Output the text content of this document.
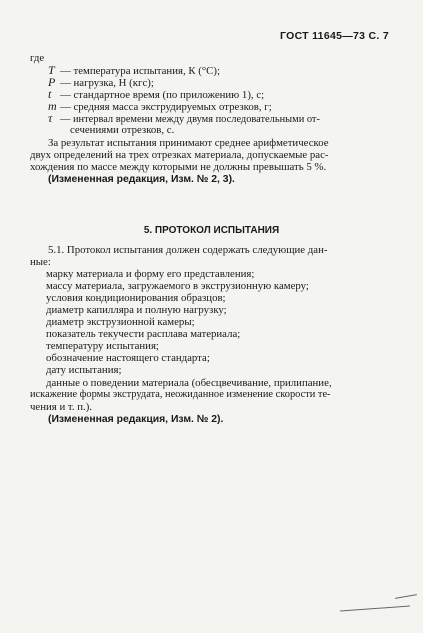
ГОСТ 11645—73 С. 7
где
T — температура испытания, К (°С);
P — нагрузка, Н (кгс);
t — стандартное время (по приложению 1), с;
m — средняя масса экструдируемых отрезков, г;
τ — интервал времени между двумя последовательными от-
сечениями отрезков, с.
За результат испытания принимают среднее арифметическое
двух определений на трех отрезках материала, допускаемые рас-
хождения по массе между которыми не должны превышать 5 %.
(Измененная редакция, Изм. № 2, 3).
5. ПРОТОКОЛ ИСПЫТАНИЯ
5.1. Протокол испытания должен содержать следующие дан-
ные:
марку материала и форму его представления;
массу материала, загружаемого в экструзионную камеру;
условия кондиционирования образцов;
диаметр капилляра и полную нагрузку;
диаметр экструзионной камеры;
показатель текучести расплава материала;
температуру испытания;
обозначение настоящего стандарта;
дату испытания;
данные о поведении материала (обесцвечивание, прилипание,
искажение формы экструдата, неожиданное изменение скорости те-
чения и т. п.).
(Измененная редакция, Изм. № 2).
